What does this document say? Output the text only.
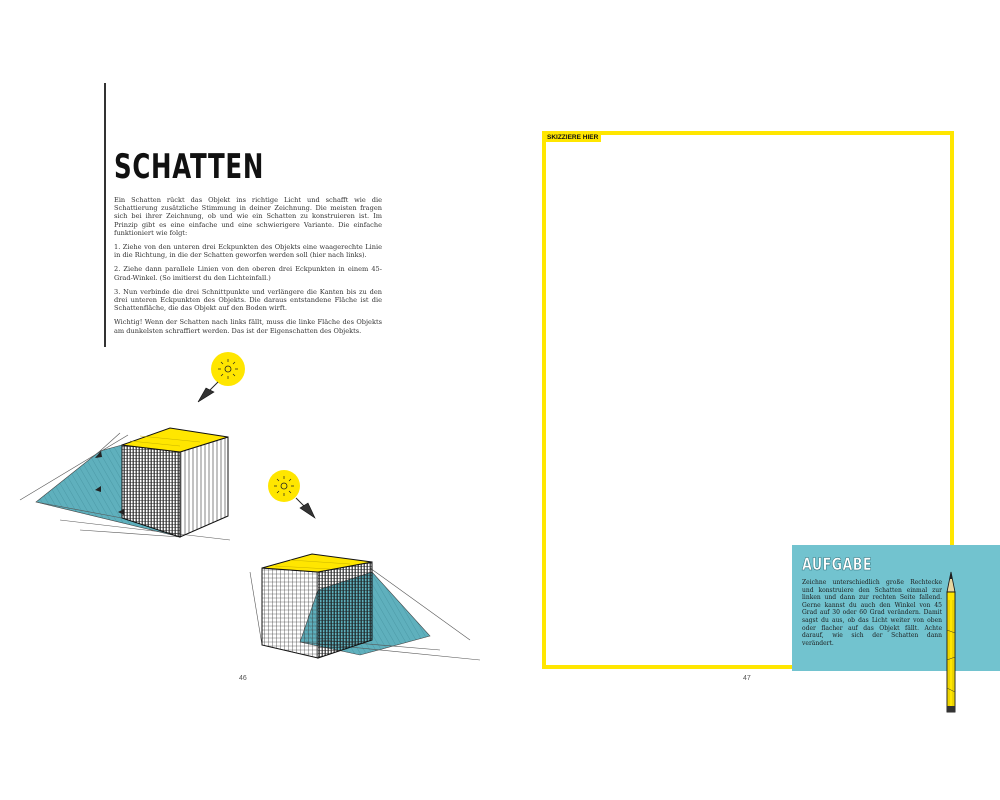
SCHATTEN

Ein Schatten rückt das Objekt ins richtige Licht und schafft wie die Schattierung zusätzliche Stimmung in deiner Zeichnung. Die meisten fragen sich bei ihrer Zeichnung, ob und wie ein Schatten zu konstruieren ist. Im Prinzip gibt es eine einfache und eine schwierigere Variante. Die einfache funktioniert wie folgt:

1. Ziehe von den unteren drei Eckpunkten des Objekts eine waagerechte Linie in die Richtung, in die der Schatten geworfen werden soll (hier nach links).

2. Ziehe dann parallele Linien von den oberen drei Eckpunkten in einem 45-Grad-Winkel. (So imitierst du den Lichteinfall.)

3. Nun verbinde die drei Schnittpunkte und verlängere die Kanten bis zu den drei unteren Eckpunkten des Objekts. Die daraus entstandene Fläche ist die Schattenfläche, die das Objekt auf den Boden wirft.

Wichtig! Wenn der Schatten nach links fällt, muss die linke Fläche des Objekts am dunkelsten schraffiert werden. Das ist der Eigenschatten des Objekts.

46
SKIZZIERE HIER
47
AUFGABE
Zeichne unterschiedlich große Rechtecke und konstruiere den Schatten einmal zur linken und dann zur rechten Seite fallend. Gerne kannst du auch den Winkel von 45 Grad auf 30 oder 60 Grad verändern. Damit sagst du aus, ob das Licht weiter von oben oder flacher auf das Objekt fällt. Achte darauf, wie sich der Schatten dann verändert.
